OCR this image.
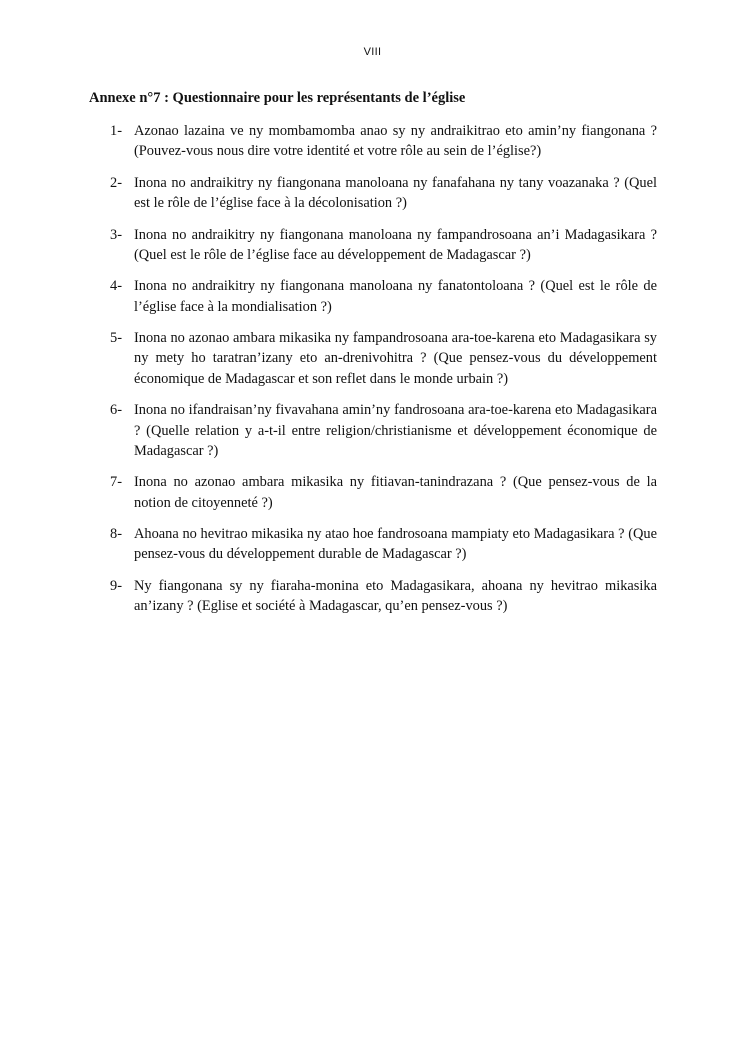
VIII
Annexe n°7 : Questionnaire pour les représentants de l’église
1- Azonao lazaina ve ny mombamomba anao sy ny andraikitrao eto amin’ny fiangonana ? (Pouvez-vous nous dire votre identité et votre rôle au sein de l’église?)
2- Inona no andraikitry ny fiangonana manoloana ny fanafahana ny tany voazanaka ? (Quel est le rôle de l’église face à la décolonisation ?)
3- Inona no andraikitry ny fiangonana manoloana ny fampandrosoana an’i Madagasikara ? (Quel est le rôle de l’église face au développement de Madagascar ?)
4- Inona no andraikitry ny fiangonana manoloana ny fanatontoloana ? (Quel est le rôle de l’église face à la mondialisation ?)
5- Inona no azonao ambara mikasika ny fampandrosoana ara-toe-karena eto Madagasikara sy ny mety ho taratran’izany eto an-drenivohitra ? (Que pensez-vous du développement économique de Madagascar et son reflet dans le monde urbain ?)
6- Inona no ifandraisan’ny fivavahana amin’ny fandrosoana ara-toe-karena eto Madagasikara ? (Quelle relation y a-t-il entre religion/christianisme et développement économique de Madagascar ?)
7- Inona no azonao ambara mikasika ny fitiavan-tanindrazana ? (Que pensez-vous de la notion de citoyenneté ?)
8- Ahoana no hevitrao mikasika ny atao hoe fandrosoana mampiaty eto Madagasikara ? (Que pensez-vous du développement durable de Madagascar ?)
9- Ny fiangonana sy ny fiaraha-monina eto Madagasikara, ahoana ny hevitrao mikasika an’izany ? (Eglise et société à Madagascar, qu’en pensez-vous ?)
